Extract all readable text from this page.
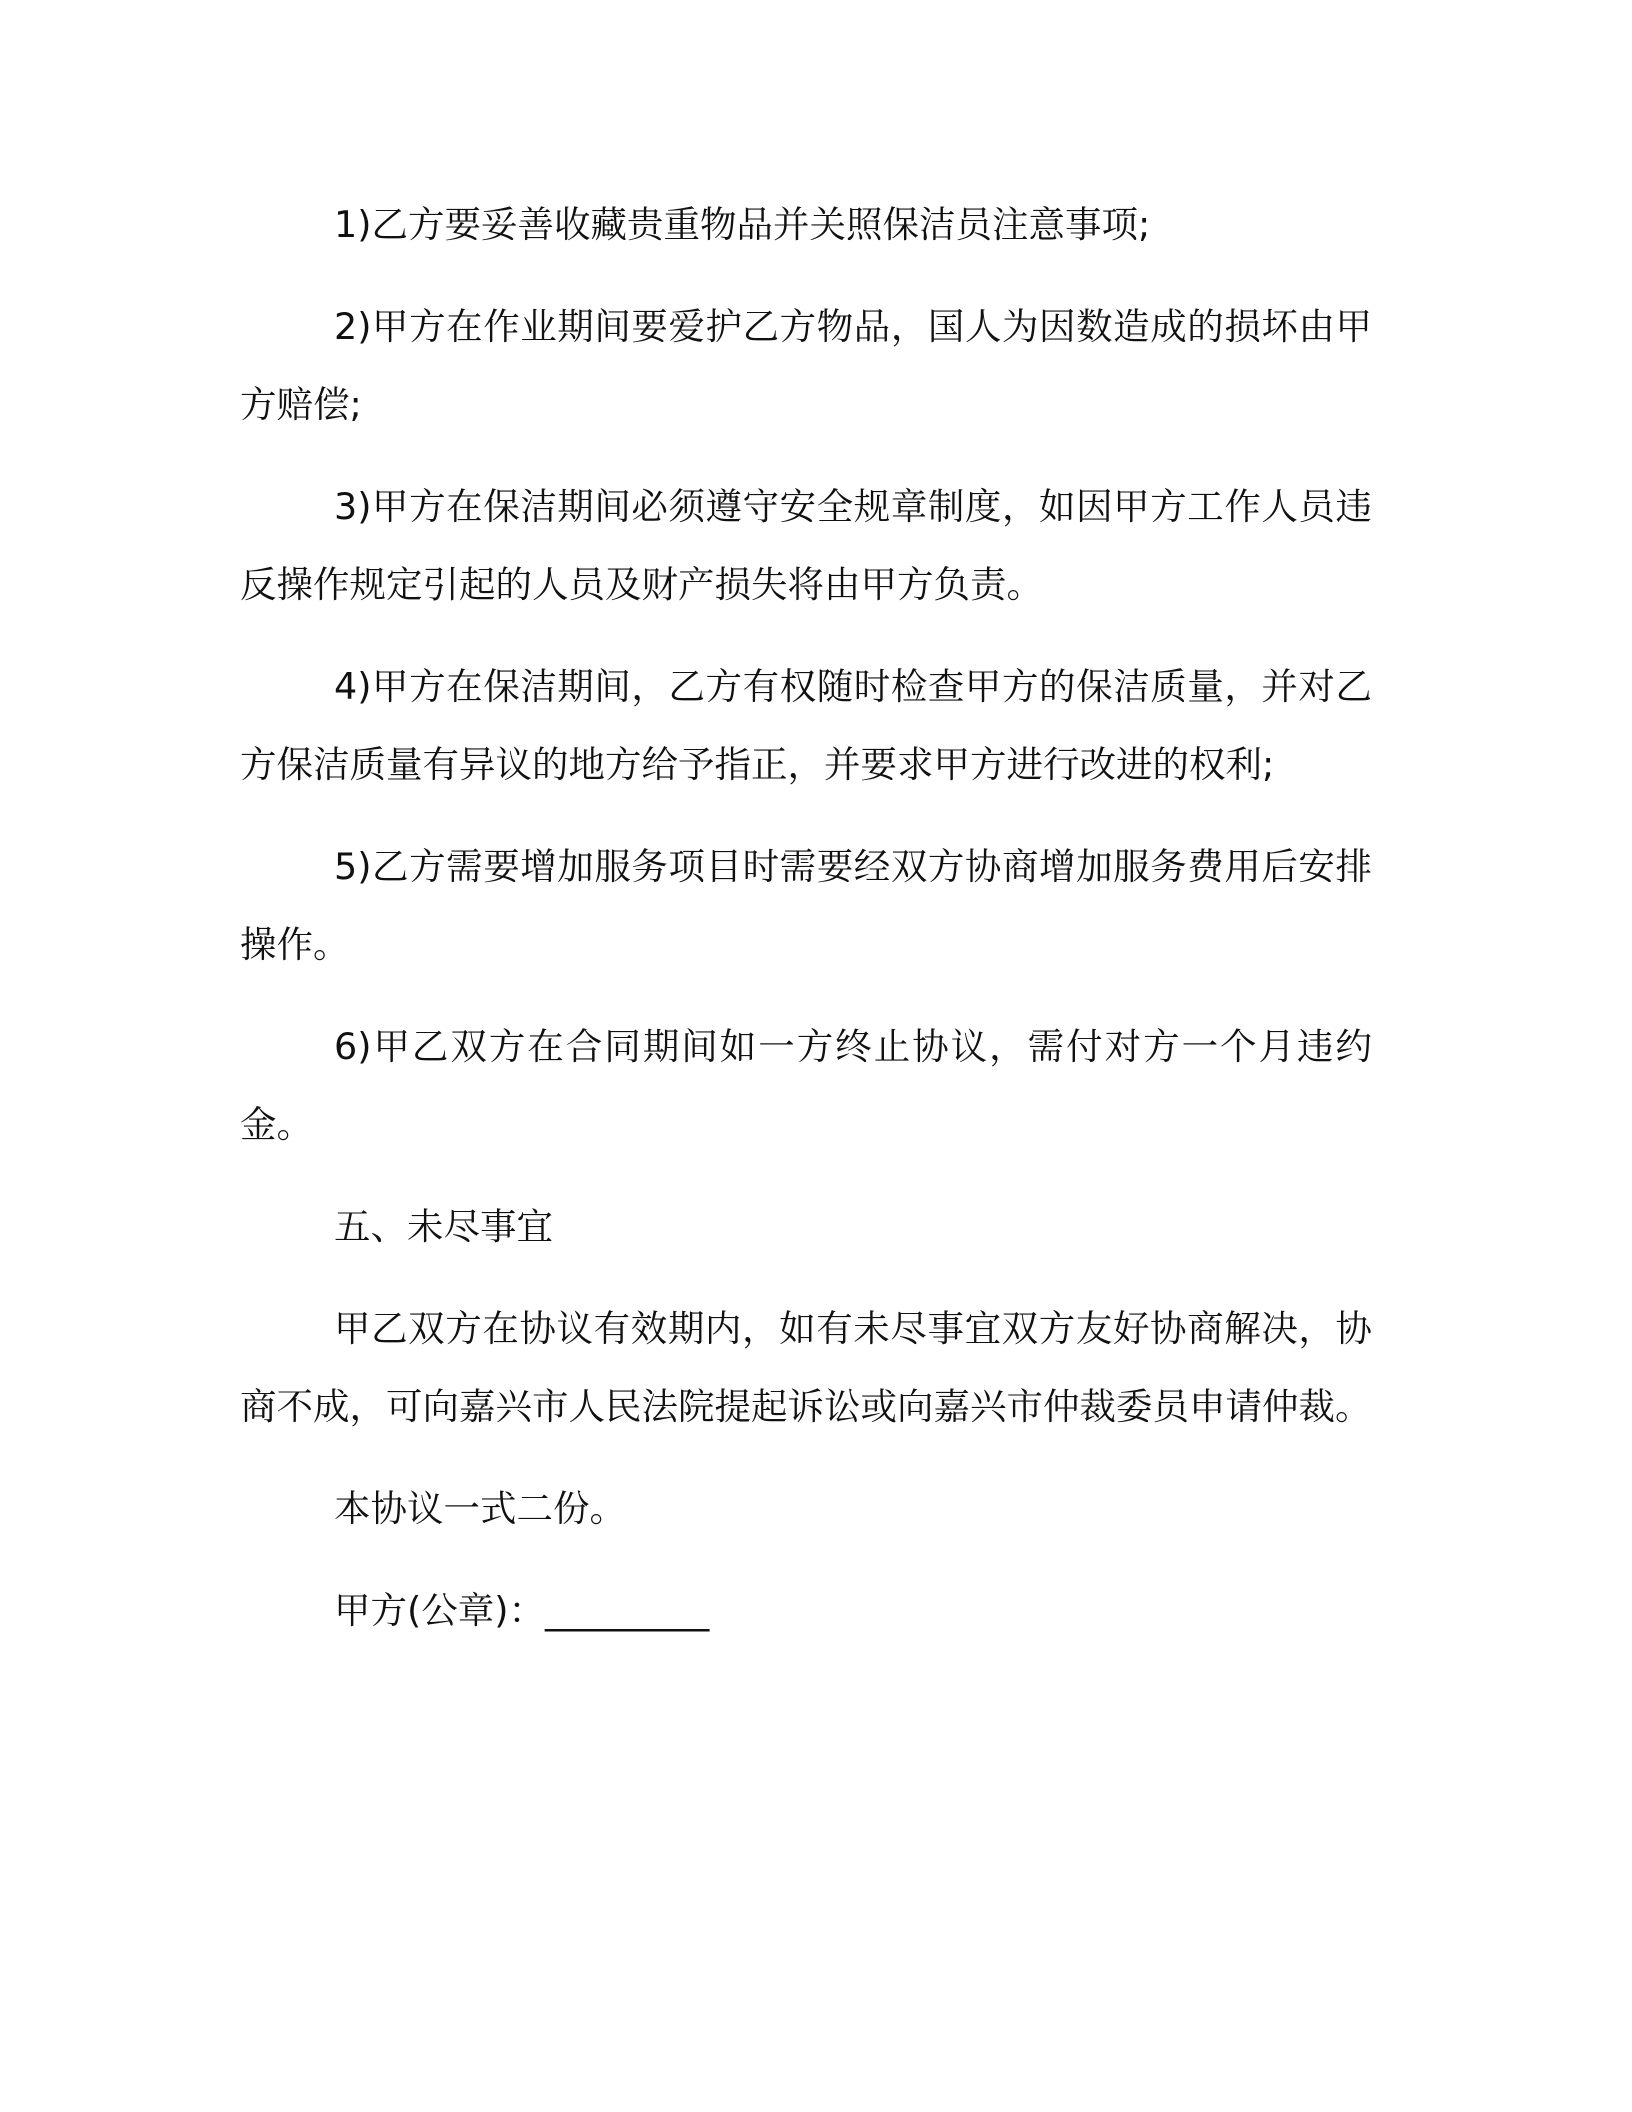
1)乙方要妥善收藏贵重物品并关照保洁员注意事项;

2)甲方在作业期间要爱护乙方物品，国人为因数造成的损坏由甲方赔偿;

3)甲方在保洁期间必须遵守安全规章制度，如因甲方工作人员违反操作规定引起的人员及财产损失将由甲方负责。

4)甲方在保洁期间，乙方有权随时检查甲方的保洁质量，并对乙方保洁质量有异议的地方给予指正，并要求甲方进行改进的权利;

5)乙方需要增加服务项目时需要经双方协商增加服务费用后安排操作。

6)甲乙双方在合同期间如一方终止协议，需付对方一个月违约金。

五、未尽事宜

甲乙双方在协议有效期内，如有未尽事宜双方友好协商解决，协商不成，可向嘉兴市人民法院提起诉讼或向嘉兴市仲裁委员申请仲裁。

本协议一式二份。

甲方(公章)：_________
